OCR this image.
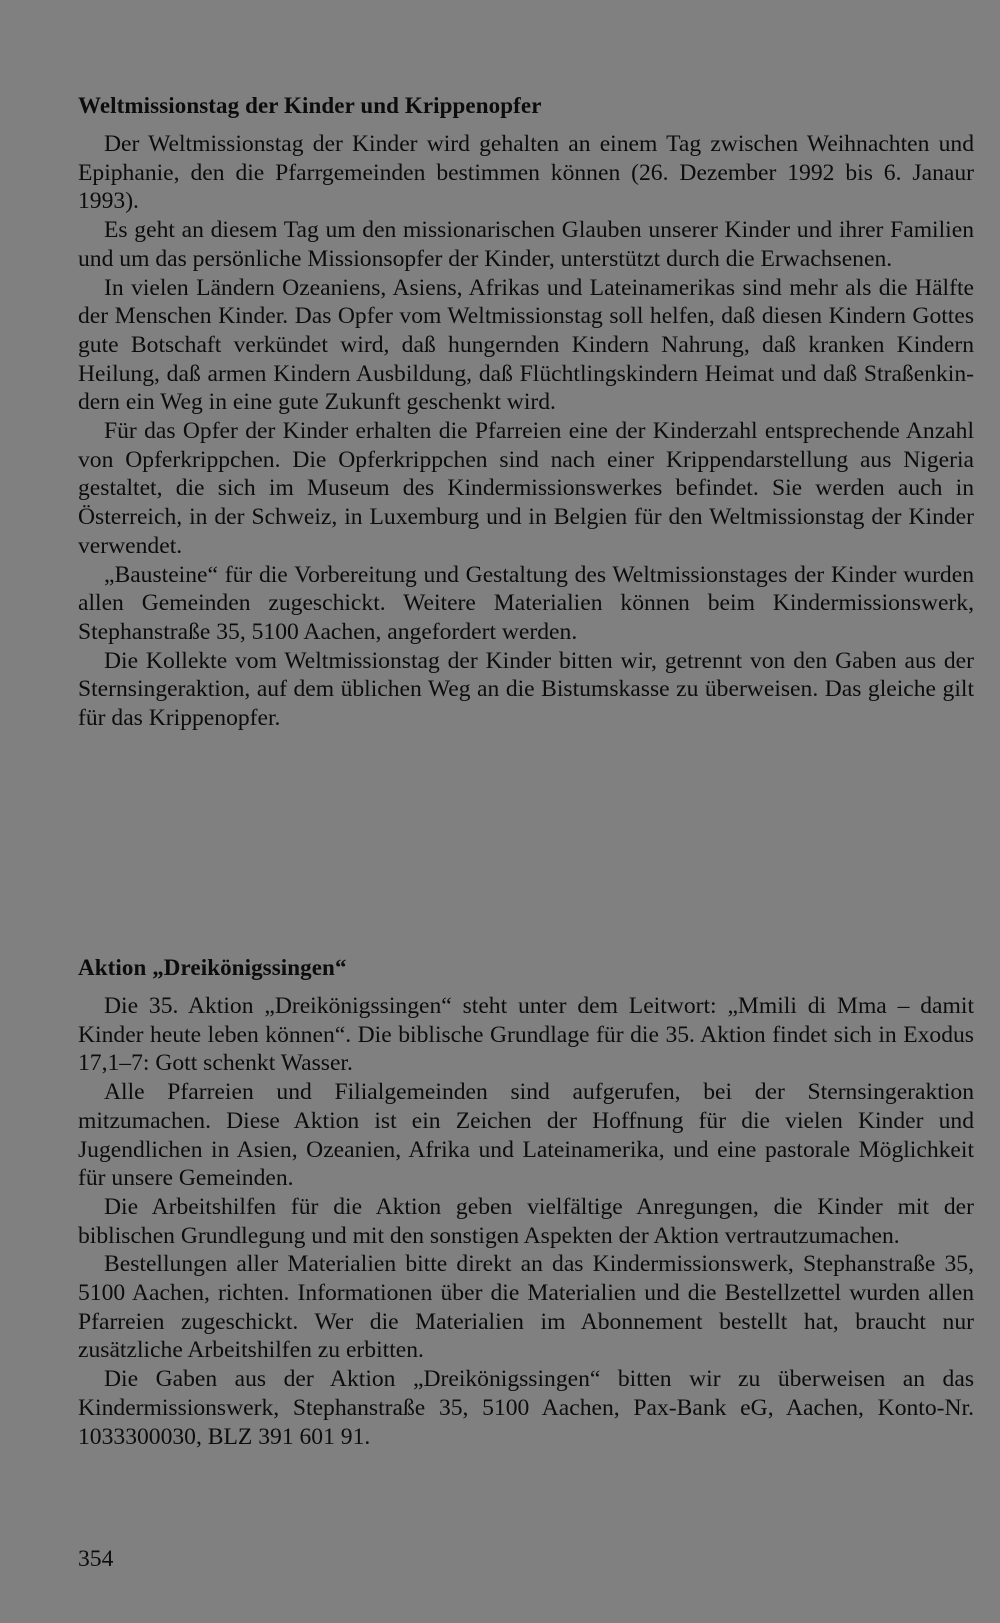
Weltmissionstag der Kinder und Krippenopfer

Der Weltmissionstag der Kinder wird gehalten an einem Tag zwischen Weihnachten und Epiphanie, den die Pfarrgemeinden bestimmen können (26. Dezember 1992 bis 6. Janaur 1993).

Es geht an diesem Tag um den missionarischen Glauben unserer Kinder und ihrer Familien und um das persönliche Missionsopfer der Kinder, unterstützt durch die Erwachsenen.

In vielen Ländern Ozeaniens, Asiens, Afrikas und Lateinamerikas sind mehr als die Hälfte der Menschen Kinder. Das Opfer vom Weltmissionstag soll helfen, daß diesen Kindern Gottes gute Botschaft verkündet wird, daß hungernden Kindern Nahrung, daß kranken Kindern Heilung, daß armen Kindern Ausbildung, daß Flüchtlingskindern Heimat und daß Straßenkindern ein Weg in eine gute Zukunft geschenkt wird.

Für das Opfer der Kinder erhalten die Pfarreien eine der Kinderzahl entsprechende Anzahl von Opferkrippchen. Die Opferkrippchen sind nach einer Krippendarstellung aus Nigeria gestaltet, die sich im Museum des Kindermissionswerkes befindet. Sie werden auch in Österreich, in der Schweiz, in Luxemburg und in Belgien für den Weltmissionstag der Kinder verwendet.

„Bausteine“ für die Vorbereitung und Gestaltung des Weltmissionstages der Kinder wurden allen Gemeinden zugeschickt. Weitere Materialien können beim Kindermissionswerk, Stephanstraße 35, 5100 Aachen, angefordert werden.

Die Kollekte vom Weltmissionstag der Kinder bitten wir, getrennt von den Gaben aus der Sternsingeraktion, auf dem üblichen Weg an die Bistumskasse zu überweisen. Das gleiche gilt für das Krippenopfer.

Aktion „Dreikönigssingen“

Die 35. Aktion „Dreikönigssingen“ steht unter dem Leitwort: „Mmili di Mma – damit Kinder heute leben können“. Die biblische Grundlage für die 35. Aktion findet sich in Exodus 17,1–7: Gott schenkt Wasser.

Alle Pfarreien und Filialgemeinden sind aufgerufen, bei der Sternsingeraktion mitzumachen. Diese Aktion ist ein Zeichen der Hoffnung für die vielen Kinder und Jugendlichen in Asien, Ozeanien, Afrika und Lateinamerika, und eine pastorale Möglichkeit für unsere Gemeinden.

Die Arbeitshilfen für die Aktion geben vielfältige Anregungen, die Kinder mit der biblischen Grundlegung und mit den sonstigen Aspekten der Aktion vertrautzumachen.

Bestellungen aller Materialien bitte direkt an das Kindermissionswerk, Stephanstraße 35, 5100 Aachen, richten. Informationen über die Materialien und die Bestellzettel wurden allen Pfarreien zugeschickt. Wer die Materialien im Abonnement bestellt hat, braucht nur zusätzliche Arbeitshilfen zu erbitten.

Die Gaben aus der Aktion „Dreikönigssingen“ bitten wir zu überweisen an das Kindermissionswerk, Stephanstraße 35, 5100 Aachen, Pax-Bank eG, Aachen, Konto-Nr. 1033300030, BLZ 391 601 91.

354
